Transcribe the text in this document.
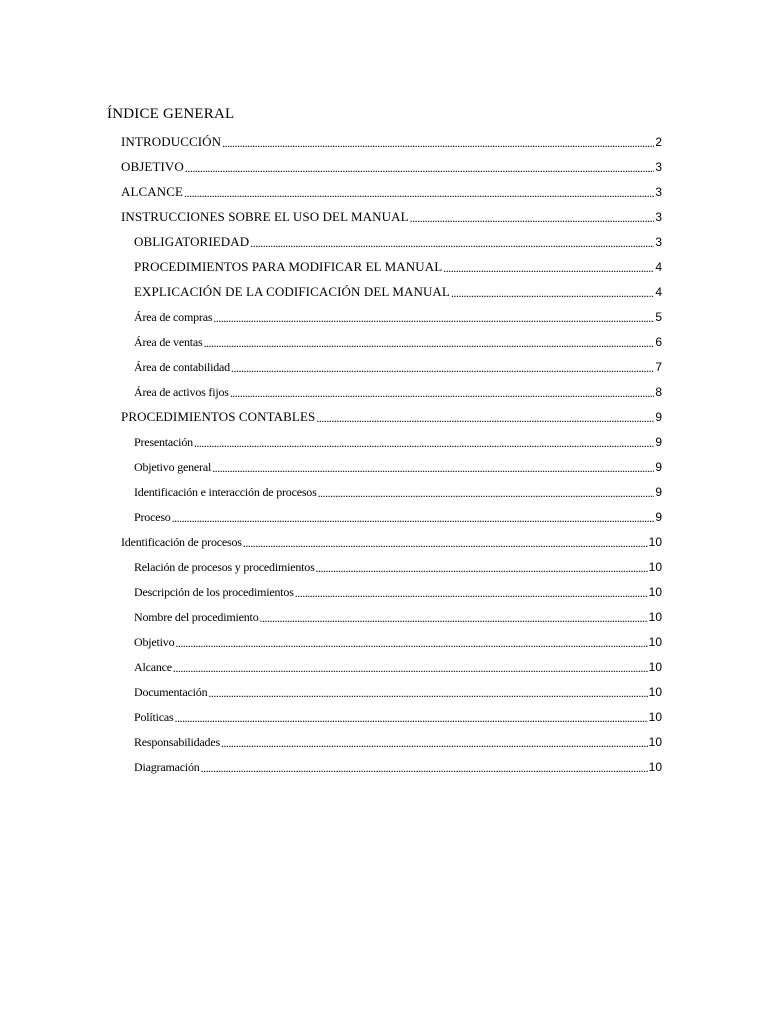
ÍNDICE GENERAL
INTRODUCCIÓN .....	2
OBJETIVO .....	3
ALCANCE .....	3
INSTRUCCIONES SOBRE EL USO DEL MANUAL .....	3
OBLIGATORIEDAD .....	3
PROCEDIMIENTOS PARA MODIFICAR EL MANUAL .....	4
EXPLICACIÓN DE LA CODIFICACIÓN DEL MANUAL .....	4
Área de compras .....	5
Área de ventas .....	6
Área de contabilidad .....	7
Área de activos fijos .....	8
PROCEDIMIENTOS CONTABLES .....	9
Presentación .....	9
Objetivo general .....	9
Identificación e interacción de procesos .....	9
Proceso .....	9
Identificación de procesos .....	10
Relación de procesos y procedimientos .....	10
Descripción de los procedimientos .....	10
Nombre del procedimiento .....	10
Objetivo .....	10
Alcance .....	10
Documentación .....	10
Políticas .....	10
Responsabilidades .....	10
Diagramación .....	10
